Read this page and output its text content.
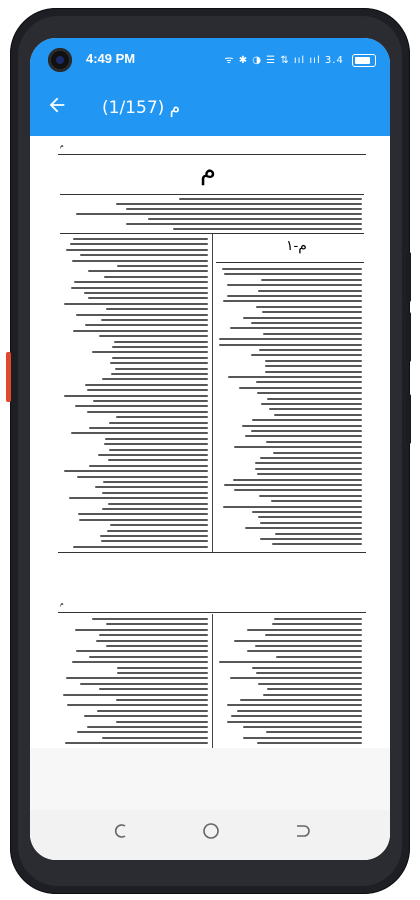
4:49 PM	ᯤ ✱ ◑ ☰ ⇅ ııl ııl 3.4
م (1/157)
م
م
م-۱
م
